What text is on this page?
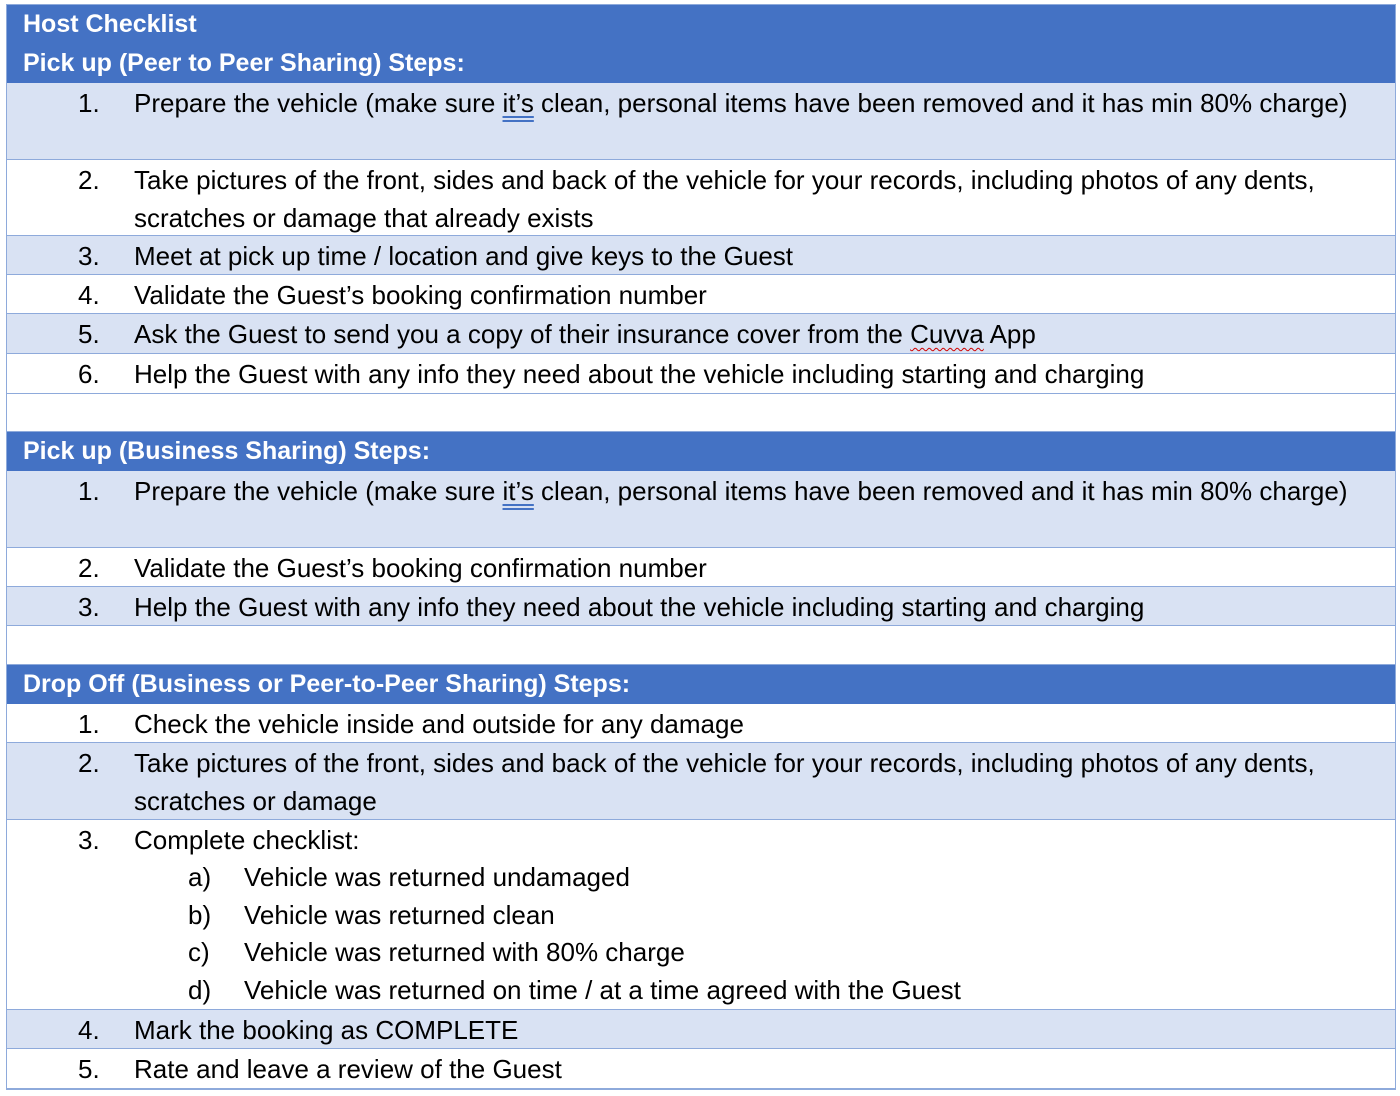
Host Checklist
Pick up (Peer to Peer Sharing) Steps:
1.	Prepare the vehicle (make sure it’s clean, personal items have been removed and it has min 80% charge)
2.	Take pictures of the front, sides and back of the vehicle for your records, including photos of any dents, scratches or damage that already exists
3.	Meet at pick up time / location and give keys to the Guest
4.	Validate the Guest’s booking confirmation number
5.	Ask the Guest to send you a copy of their insurance cover from the Cuvva App
6.	Help the Guest with any info they need about the vehicle including starting and charging
Pick up (Business Sharing) Steps:
1.	Prepare the vehicle (make sure it’s clean, personal items have been removed and it has min 80% charge)
2.	Validate the Guest’s booking confirmation number
3.	Help the Guest with any info they need about the vehicle including starting and charging
Drop Off (Business or Peer-to-Peer Sharing) Steps:
1.	Check the vehicle inside and outside for any damage
2.	Take pictures of the front, sides and back of the vehicle for your records, including photos of any dents, scratches or damage
3.	Complete checklist:
a) Vehicle was returned undamaged
b) Vehicle was returned clean
c) Vehicle was returned with 80% charge
d) Vehicle was returned on time / at a time agreed with the Guest
4.	Mark the booking as COMPLETE
5.	Rate and leave a review of the Guest
